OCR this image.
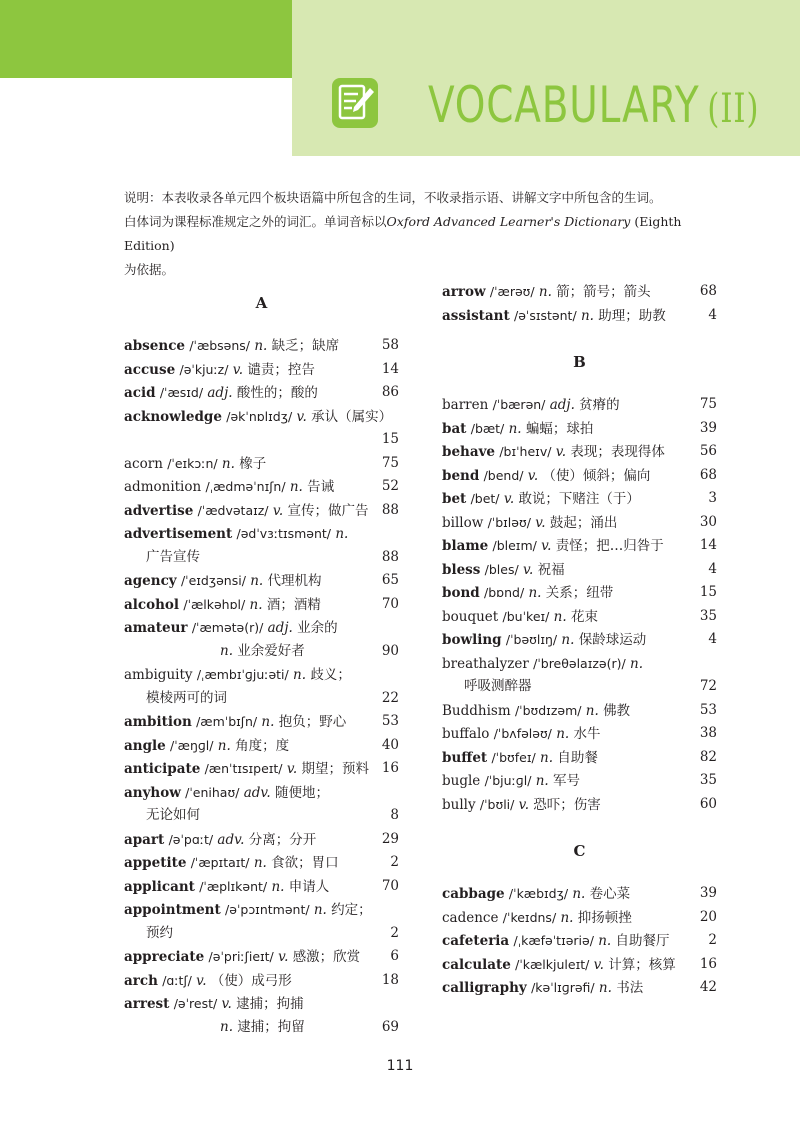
VOCABULARY (II)

说明：本表收录各单元四个板块语篇中所包含的生词，不收录指示语、讲解文字中所包含的生词。

白体词为课程标准规定之外的词汇。单词音标以Oxford Advanced Learner's Dictionary (Eighth Edition)

为依据。

A
absence /ˈæbsəns/ n. 缺乏；缺席	58
accuse /əˈkjuːz/ v. 谴责；控告	14
acid /ˈæsɪd/ adj. 酸性的；酸的	86
acknowledge /əkˈnɒlɪdʒ/ v. 承认（属实）
15
acorn /ˈeɪkɔːn/ n. 橡子	75
admonition /ˌædməˈnɪʃn/ n. 告诫	52
advertise /ˈædvətaɪz/ v. 宣传；做广告 88
advertisement /ədˈvɜːtɪsmənt/ n.
广告宣传	88
agency /ˈeɪdʒənsi/ n. 代理机构	65
alcohol /ˈælkəhɒl/ n. 酒；酒精	70
amateur /ˈæmətə(r)/ adj. 业余的
n. 业余爱好者	90
ambiguity /ˌæmbɪˈɡjuːəti/ n. 歧义；
模棱两可的词	22
ambition /æmˈbɪʃn/ n. 抱负；野心	53
angle /ˈæŋɡl/ n. 角度；度	40
anticipate /ænˈtɪsɪpeɪt/ v. 期望；预料 16
anyhow /ˈenihaʊ/ adv. 随便地；
无论如何	8
apart /əˈpɑːt/ adv. 分离；分开	29
appetite /ˈæpɪtaɪt/ n. 食欲；胃口	2
applicant /ˈæplɪkənt/ n. 申请人	70
appointment /əˈpɔɪntmənt/ n. 约定；
预约	2
appreciate /əˈpriːʃieɪt/ v. 感激；欣赏 6
arch /ɑːtʃ/ v. （使）成弓形	18
arrest /əˈrest/ v. 逮捕；拘捕
n. 逮捕；拘留	69
arrow /ˈærəʊ/ n. 箭；箭号；箭头	68
assistant /əˈsɪstənt/ n. 助理；助教	4
B
barren /ˈbærən/ adj. 贫瘠的	75
bat /bæt/ n. 蝙蝠；球拍	39
behave /bɪˈheɪv/ v. 表现；表现得体	56
bend /bend/ v. （使）倾斜；偏向	68
bet /bet/ v. 敢说；下赌注（于）	3
billow /ˈbɪləʊ/ v. 鼓起；涌出	30
blame /bleɪm/ v. 责怪；把…归咎于	14
bless /bles/ v. 祝福	4
bond /bɒnd/ n. 关系；纽带	15
bouquet /buˈkeɪ/ n. 花束	35
bowling /ˈbəʊlɪŋ/ n. 保龄球运动	4
breathalyzer /ˈbreθəlaɪzə(r)/ n.
呼吸测醉器	72
Buddhism /ˈbʊdɪzəm/ n. 佛教	53
buffalo /ˈbʌfələʊ/ n. 水牛	38
buffet /ˈbʊfeɪ/ n. 自助餐	82
bugle /ˈbjuːɡl/ n. 军号	35
bully /ˈbʊli/ v. 恐吓；伤害	60
C
cabbage /ˈkæbɪdʒ/ n. 卷心菜	39
cadence /ˈkeɪdns/ n. 抑扬顿挫	20
cafeteria /ˌkæfəˈtɪəriə/ n. 自助餐厅	2
calculate /ˈkælkjuleɪt/ v. 计算；核算 16
calligraphy /kəˈlɪɡrəfi/ n. 书法	42
111
